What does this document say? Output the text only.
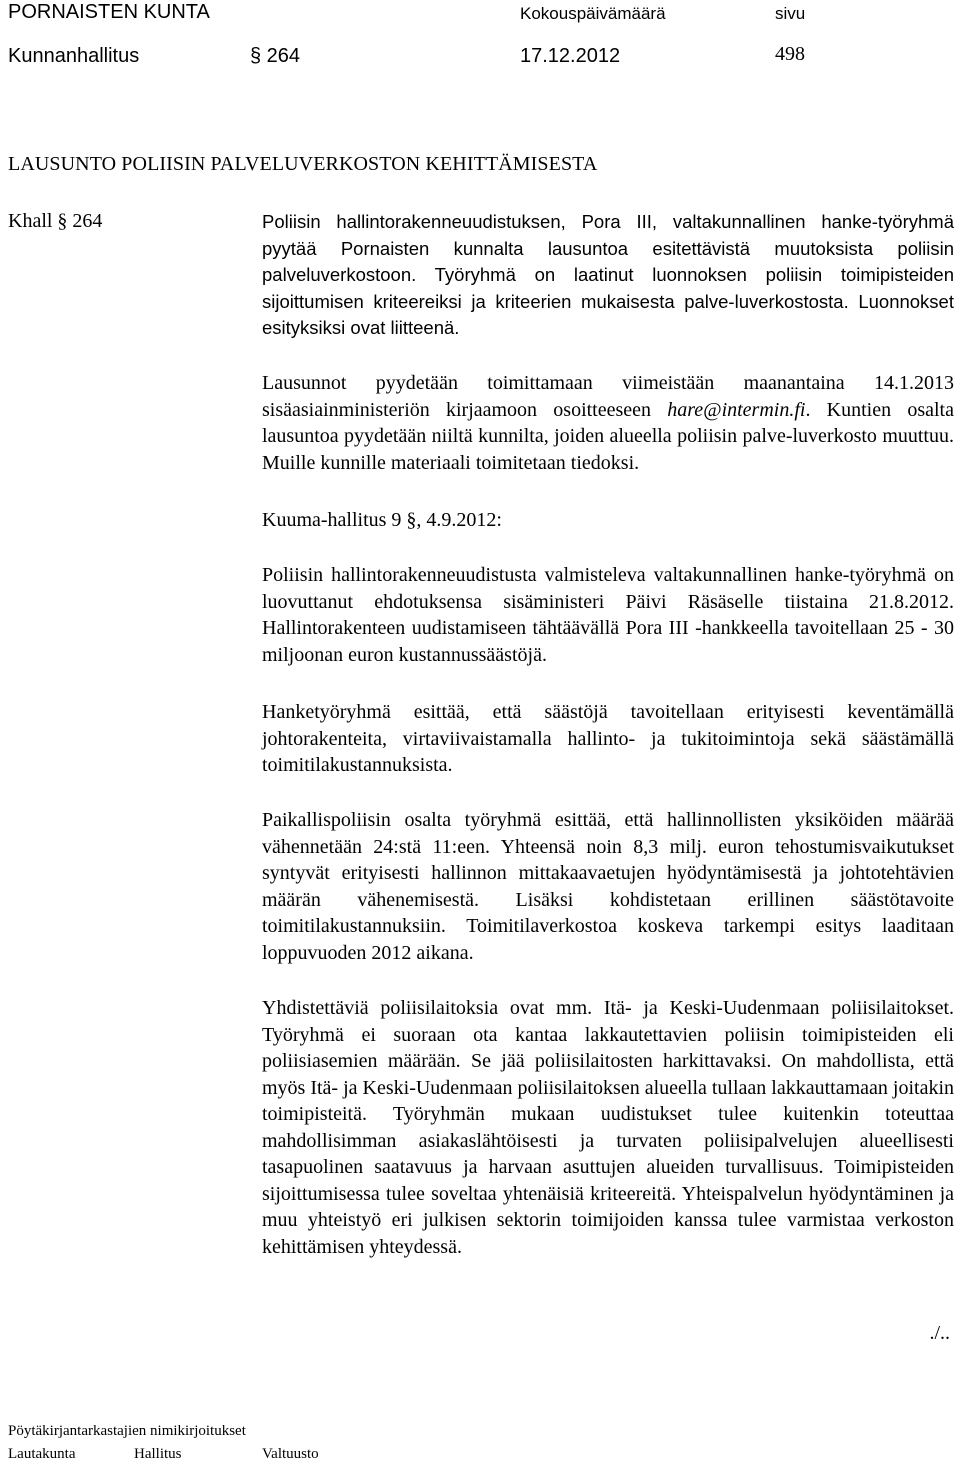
PORNAISTEN KUNTA	Kokouspäivämäärä	sivu
Kunnanhallitus	§ 264	17.12.2012	498
LAUSUNTO POLIISIN PALVELUVERKOSTON KEHITTÄMISESTA
Khall § 264	Poliisin hallintorakenneuudistuksen, Pora III, valtakunnallinen hanke-työryhmä pyytää Pornaisten kunnalta lausuntoa esitettävistä muutoksista poliisin palveluverkostoon. Työryhmä on laatinut luonnoksen poliisin toimipisteiden sijoittumisen kriteereiksi ja kriteerien mukaisesta palve-luverkostosta. Luonnokset esityksiksi ovat liitteenä.

Lausunnot pyydetään toimittamaan viimeistään maanantaina 14.1.2013 sisäasiainministeriön kirjaamoon osoitteeseen hare@intermin.fi. Kuntien osalta lausuntoa pyydetään niiltä kunnilta, joiden alueella poliisin palve-luverkosto muuttuu. Muille kunnille materiaali toimitetaan tiedoksi.

Kuuma-hallitus 9 §, 4.9.2012:

Poliisin hallintorakenneuudistusta valmisteleva valtakunnallinen hanke-työryhmä on luovuttanut ehdotuksensa sisäministeri Päivi Räsäselle tiistaina 21.8.2012. Hallintorakenteen uudistamiseen tähtäävällä Pora III -hankkeella tavoitellaan 25 - 30 miljoonan euron kustannussäästöjä.

Hanketyöryhmä esittää, että säästöjä tavoitellaan erityisesti keventämällä johtorakenteita, virtaviivaistamalla hallinto- ja tukitoimintoja sekä säästämällä toimitilakustannuksista.

Paikallispoliisin osalta työryhmä esittää, että hallinnollisten yksiköiden määrää vähennetään 24:stä 11:een. Yhteensä noin 8,3 milj. euron tehostumisvaikutukset syntyvät erityisesti hallinnon mittakaavaetujen hyödyntämisestä ja johtotehtävien määrän vähenemisestä. Lisäksi kohdistetaan erillinen säästötavoite toimitilakustannuksiin. Toimitilaverkostoa koskeva tarkempi esitys laaditaan loppuvuoden 2012 aikana.

Yhdistettäviä poliisilaitoksia ovat mm. Itä- ja Keski-Uudenmaan poliisilaitokset. Työryhmä ei suoraan ota kantaa lakkautettavien poliisin toimipisteiden eli poliisiasemien määrään. Se jää poliisilaitosten harkittavaksi. On mahdollista, että myös Itä- ja Keski-Uudenmaan poliisilaitoksen alueella tullaan lakkauttamaan joitakin toimipisteitä. Työryhmän mukaan uudistukset tulee kuitenkin toteuttaa mahdollisimman asiakaslähtöisesti ja turvaten poliisipalvelujen alueellisesti tasapuolinen saatavuus ja harvaan asuttujen alueiden turvallisuus. Toimipisteiden sijoittumisessa tulee soveltaa yhtenäisiä kriteereitä. Yhteispalvelun hyödyntäminen ja muu yhteistyö eri julkisen sektorin toimijoiden kanssa tulee varmistaa verkoston kehittämisen yhteydessä.

./..
Pöytäkirjantarkastajien nimikirjoitukset
Lautakunta	Hallitus	Valtuusto
